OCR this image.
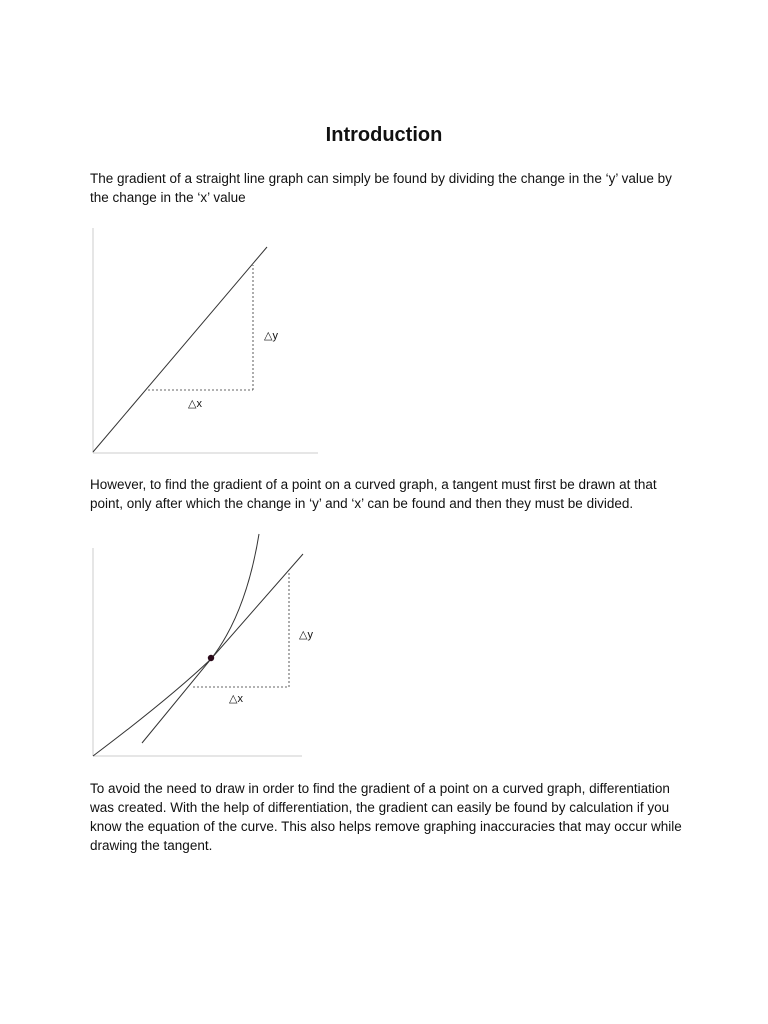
Introduction

The gradient of a straight line graph can simply be found by dividing the change in the ‘y’ value by the change in the ‘x’ value

△y
△x

However, to find the gradient of a point on a curved graph, a tangent must first be drawn at that point, only after which the change in ‘y’ and ‘x’ can be found and then they must be divided.

△y
△x

To avoid the need to draw in order to find the gradient of a point on a curved graph, differentiation was created. With the help of differentiation, the gradient can easily be found by calculation if you know the equation of the curve. This also helps remove graphing inaccuracies that may occur while drawing the tangent.
